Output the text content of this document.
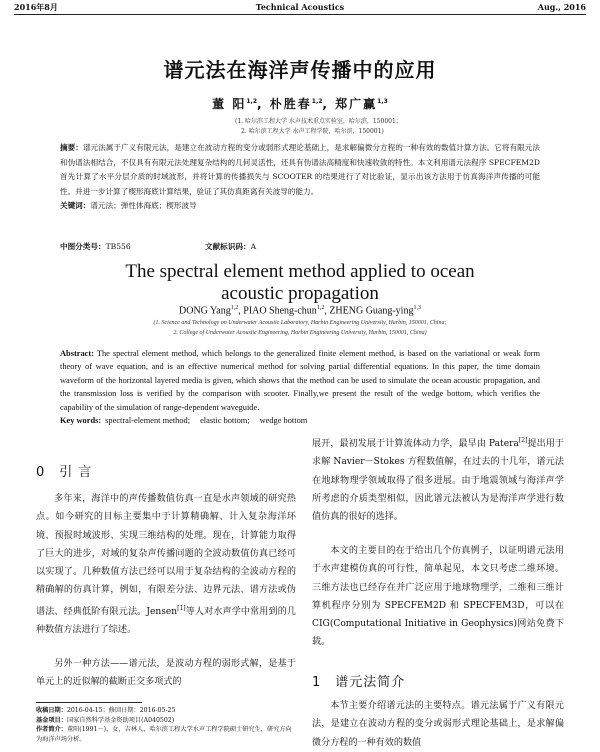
2016年8月	Technical Acoustics	Aug., 2016
谱元法在海洋声传播中的应用
董 阳$^{1,2}$, 朴胜春$^{1,2}$, 郑广赢$^{1,3}$
(1. 哈尔滨工程大学 水声技术重点实验室，哈尔滨，150001；
2. 哈尔滨工程大学 水声工程学院，哈尔滨，150001)

摘要：谱元法属于广义有限元法，是建立在波动方程的变分或弱形式理论基础上，是求解偏微分方程的一种有效的数值计算方法。它将有限元法和伪谱法相结合，不仅具有有限元法处理复杂结构的几何灵活性，还具有伪谱法高精度和快速收敛的特性。本文利用谱元法程序 SPECFEM2D 首先计算了水平分层介质的时域波形，并将计算的传播损失与 SCOOTER 的结果进行了对比验证，显示出该方法用于仿真海洋声传播的可能性。并进一步计算了楔形海底计算结果，验证了其仿真距离有关波导的能力。
关键词：谱元法；弹性体海底；楔形波导

中图分类号：TB556	文献标识码：A
The spectral element method applied to ocean acoustic propagation
DONG Yang$^{1,2}$, PIAO Sheng-chun$^{1,2}$, ZHENG Guang-ying$^{1,3}$
(1. Science and Technology on Underwater Acoustic Laboratory, Harbin Engineering University, Harbin, 150001, China;
2. College of Underwater Acoustic Engineering, Harbin Engineering University, Harbin, 150001, China)

Abstract: The spectral element method, which belongs to the generalized finite element method, is based on the variational or weak form theory of wave equation, and is an effective numerical method for solving partial differential equations. In this paper, the time domain waveform of the horizontal layered media is given, which shows that the method can be used to simulate the ocean acoustic propagation, and the transmission loss is verified by the comparison with scooter. Finally,we present the result of the wedge bottom, which verifies the capability of the simulation of range-dependent waveguide.

Key words: spectral-element method; elastic bottom; wedge bottom
0 引 言

多年来，海洋中的声传播数值仿真一直是水声领域的研究热点。如今研究的目标主要集中于计算精确解、计入复杂海洋环境、预报时域波形、实现三维结构的处理。现在，计算能力取得了巨大的进步，对域的复杂声传播问题的全波动数值仿真已经可以实现了。几种数值方法已经可以用于复杂结构的全波动方程的精确解的仿真计算，例如，有限差分法、边界元法、谱方法或伪谱法、经典低阶有限元法。Jensen[1]等人对水声学中常用到的几种数值方法进行了综述。

另外一种方法——谱元法，是波动方程的弱形式解，是基于单元上的近似解的截断正交多项式的

收稿日期：2016-04-15；修回日期：2016-05-25
基金项目：国家自然科学基金资助项目(A040502)
作者简介：董阳(1991－)，女，吉林人，哈尔滨工程大学水声工程学院硕士研究生，研究方向为海洋声场分析。

展开，最初发展于计算流体动力学，最早由 Patera[2]提出用于求解 Navier－Stokes 方程数值解，在过去的十几年，谱元法在地球物理学领域取得了很多进展。由于地震领域与海洋声学所考虑的介质类型相似，因此谱元法被认为是海洋声学进行数值仿真的很好的选择。

本文的主要目的在于给出几个仿真例子，以证明谱元法用于水声建模仿真的可行性，简单起见，本文只考虑二维环境。三维方法也已经存在并广泛应用于地球物理学，二维和三维计算机程序分别为 SPECFEM2D 和 SPECFEM3D，可以在 CIG(Computational Initiative in Geophysics)网站免费下载。

1 谱元法简介

本节主要介绍谱元法的主要特点。谱元法属于广义有限元法，是建立在波动方程的变分或弱形式理论基础上，是求解偏微分方程的一种有效的数值
